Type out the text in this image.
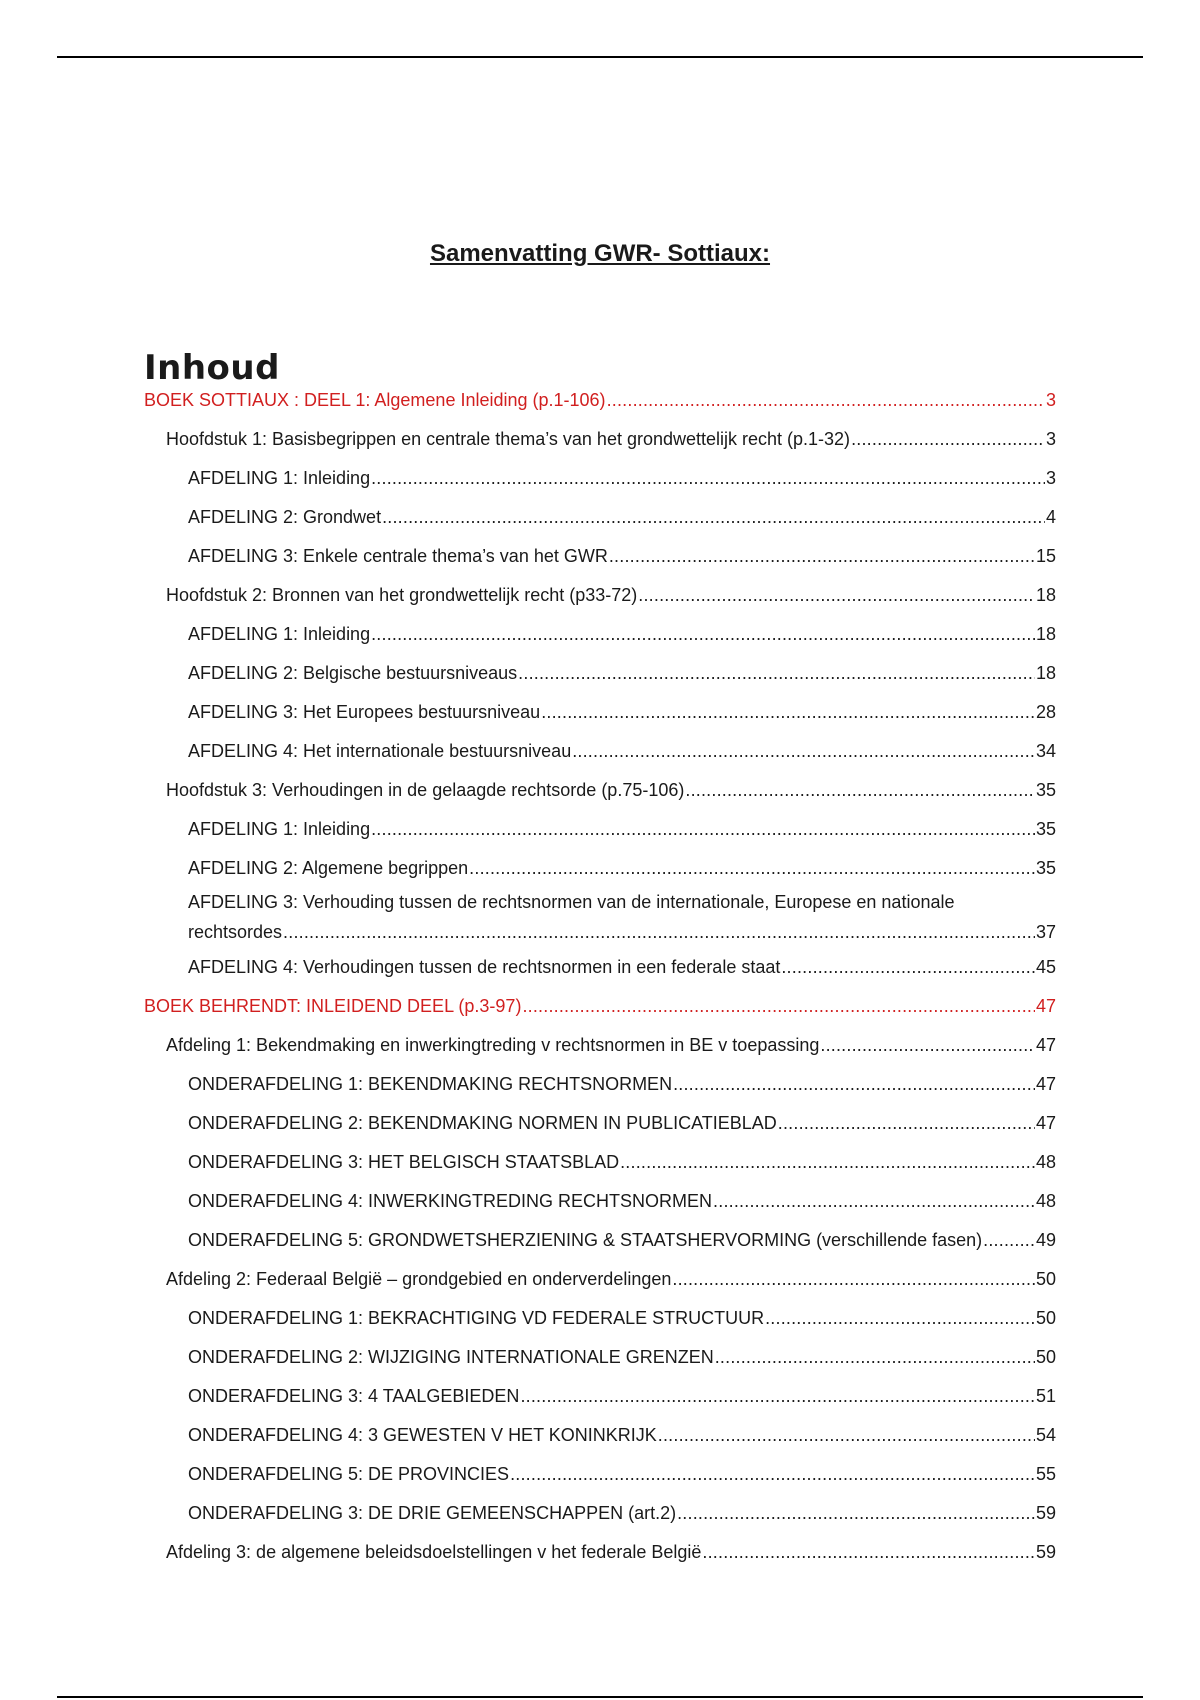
Samenvatting GWR- Sottiaux:
Inhoud
BOEK SOTTIAUX : DEEL 1: Algemene Inleiding (p.1-106) .....	3
Hoofdstuk 1: Basisbegrippen en centrale thema’s van het grondwettelijk recht (p.1-32) .....	3
AFDELING 1: Inleiding .....	3
AFDELING 2: Grondwet .....	4
AFDELING 3: Enkele centrale thema’s van het GWR .....	15
Hoofdstuk 2: Bronnen van het grondwettelijk recht (p33-72) .....	18
AFDELING 1: Inleiding .....	18
AFDELING 2: Belgische bestuursniveaus .....	18
AFDELING 3: Het Europees bestuursniveau .....	28
AFDELING 4: Het internationale bestuursniveau .....	34
Hoofdstuk 3: Verhoudingen in de gelaagde rechtsorde (p.75-106) .....	35
AFDELING 1: Inleiding .....	35
AFDELING 2: Algemene begrippen .....	35
AFDELING 3: Verhouding tussen de rechtsnormen van de internationale, Europese en nationale
rechtsordes .....	37
AFDELING 4: Verhoudingen tussen de rechtsnormen in een federale staat .....	45
BOEK BEHRENDT: INLEIDEND DEEL (p.3-97) .....	47
Afdeling 1: Bekendmaking en inwerkingtreding v rechtsnormen in BE v toepassing .....	47
ONDERAFDELING 1: BEKENDMAKING RECHTSNORMEN .....	47
ONDERAFDELING 2: BEKENDMAKING NORMEN IN PUBLICATIEBLAD .....	47
ONDERAFDELING 3: HET BELGISCH STAATSBLAD .....	48
ONDERAFDELING 4: INWERKINGTREDING RECHTSNORMEN .....	48
ONDERAFDELING 5: GRONDWETSHERZIENING & STAATSHERVORMING (verschillende fasen) .....	49
Afdeling 2: Federaal België – grondgebied en onderverdelingen .....	50
ONDERAFDELING 1: BEKRACHTIGING VD FEDERALE STRUCTUUR .....	50
ONDERAFDELING 2: WIJZIGING INTERNATIONALE GRENZEN .....	50
ONDERAFDELING 3: 4 TAALGEBIEDEN .....	51
ONDERAFDELING 4: 3 GEWESTEN V HET KONINKRIJK .....	54
ONDERAFDELING 5: DE PROVINCIES .....	55
ONDERAFDELING 3: DE DRIE GEMEENSCHAPPEN (art.2) .....	59
Afdeling 3: de algemene beleidsdoelstellingen v het federale België .....	59
